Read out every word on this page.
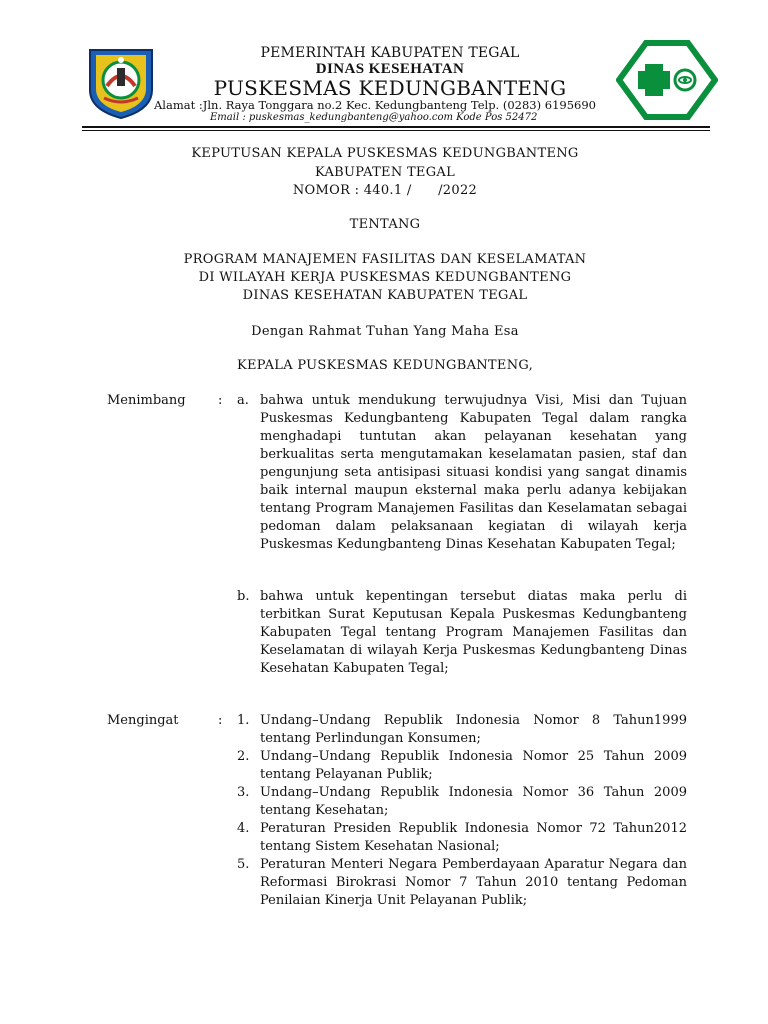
PEMERINTAH KABUPATEN TEGAL
DINAS KESEHATAN
PUSKESMAS KEDUNGBANTENG
Alamat :Jln. Raya Tonggara no.2 Kec. Kedungbanteng Telp. (0283) 6195690
Email : puskesmas_kedungbanteng@yahoo.com Kode Pos 52472
KEPUTUSAN KEPALA PUSKESMAS KEDUNGBANTENG
KABUPATEN TEGAL
NOMOR : 440.1 /      /2022
TENTANG
PROGRAM MANAJEMEN FASILITAS DAN KESELAMATAN
DI WILAYAH KERJA PUSKESMAS KEDUNGBANTENG
DINAS KESEHATAN KABUPATEN TEGAL
Dengan Rahmat Tuhan Yang Maha Esa
KEPALA PUSKESMAS KEDUNGBANTENG,
Menimbang	:	a. bahwa untuk mendukung terwujudnya Visi, Misi dan Tujuan Puskesmas Kedungbanteng Kabupaten Tegal dalam rangka menghadapi tuntutan akan pelayanan kesehatan yang berkualitas serta mengutamakan keselamatan pasien, staf dan pengunjung seta antisipasi situasi kondisi yang sangat dinamis baik internal maupun eksternal maka perlu adanya kebijakan tentang Program Manajemen Fasilitas dan Keselamatan sebagai pedoman dalam pelaksanaan kegiatan di wilayah kerja Puskesmas Kedungbanteng Dinas Kesehatan Kabupaten Tegal;
b. bahwa untuk kepentingan tersebut diatas maka perlu di terbitkan Surat Keputusan Kepala Puskesmas Kedungbanteng Kabupaten Tegal tentang Program Manajemen Fasilitas dan Keselamatan di wilayah Kerja Puskesmas Kedungbanteng Dinas Kesehatan Kabupaten Tegal;
Mengingat	:	1. Undang–Undang Republik Indonesia Nomor 8 Tahun1999 tentang Perlindungan Konsumen;
2. Undang–Undang Republik Indonesia Nomor 25 Tahun 2009 tentang Pelayanan Publik;
3. Undang–Undang Republik Indonesia Nomor 36 Tahun 2009 tentang Kesehatan;
4. Peraturan Presiden Republik Indonesia Nomor 72 Tahun2012 tentang Sistem Kesehatan Nasional;
5. Peraturan Menteri Negara Pemberdayaan Aparatur Negara dan Reformasi Birokrasi Nomor 7 Tahun 2010 tentang Pedoman Penilaian Kinerja Unit Pelayanan Publik;
